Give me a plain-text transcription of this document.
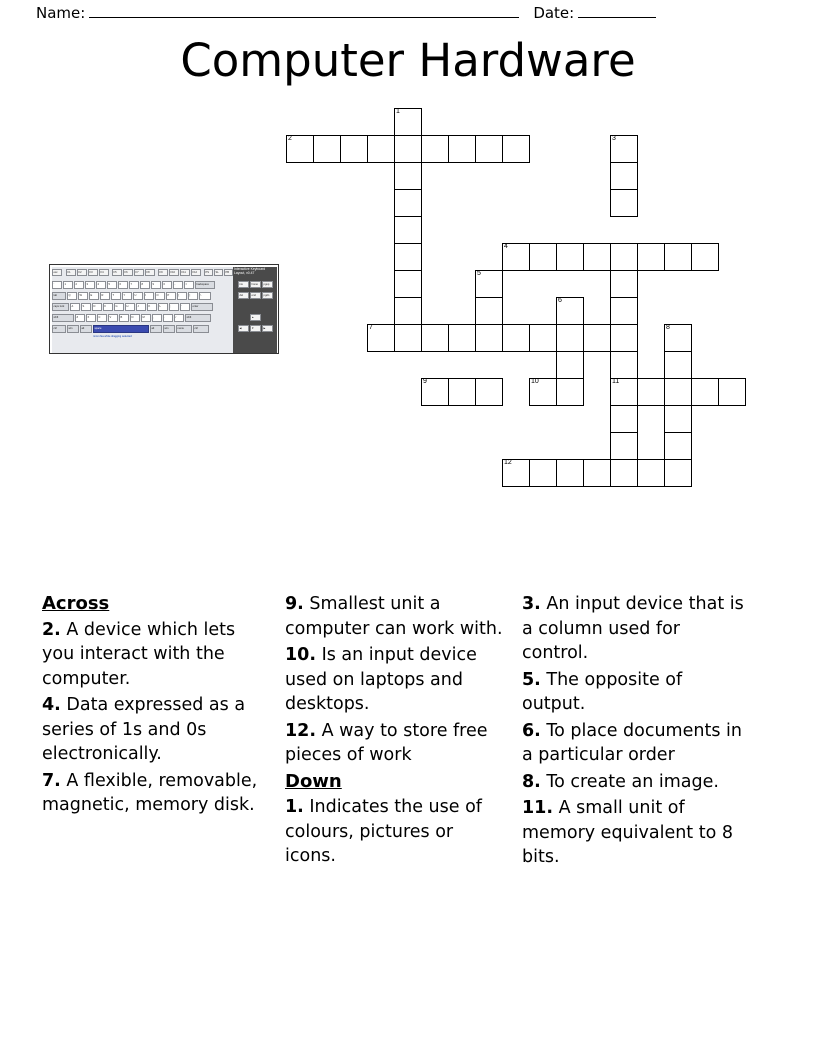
Name:	Date:
Computer Hardware
Interactive Keyboard Layout, v0.47
esc	F1	F2	F3	F4	F5	F6	F7	F8	F9	F10	F11	F12	PS	SL	PB
`	1	2	3	4	5	6	7	8	9	0	-	=	backspace
tab	Q	W	E	R	T	Y	U	I	O	P	[	]	\
caps lock	A	S	D	F	G	H	J	K	L	;	'	enter
shift	Z	X	C	V	B	N	M	,	.	/	shift
ctrl	win	alt	space	alt	win	menu	ctrl
ins	home	pgup
del	end	pgdn
▲
◀	▼	▶
mmm fsa white dragging selected
1
2	3
4
5
6
7	8
9	10	11
12
Across
2. A device which lets you interact with the computer.
4. Data expressed as a series of 1s and 0s electronically.
7. A flexible, removable, magnetic, memory disk.
9. Smallest unit a computer can work with.
10. Is an input device used on laptops and desktops.
12. A way to store free pieces of work
Down
1. Indicates the use of colours, pictures or icons.
3. An input device that is a column used for control.
5. The opposite of output.
6. To place documents in a particular order
8. To create an image.
11. A small unit of memory equivalent to 8 bits.
